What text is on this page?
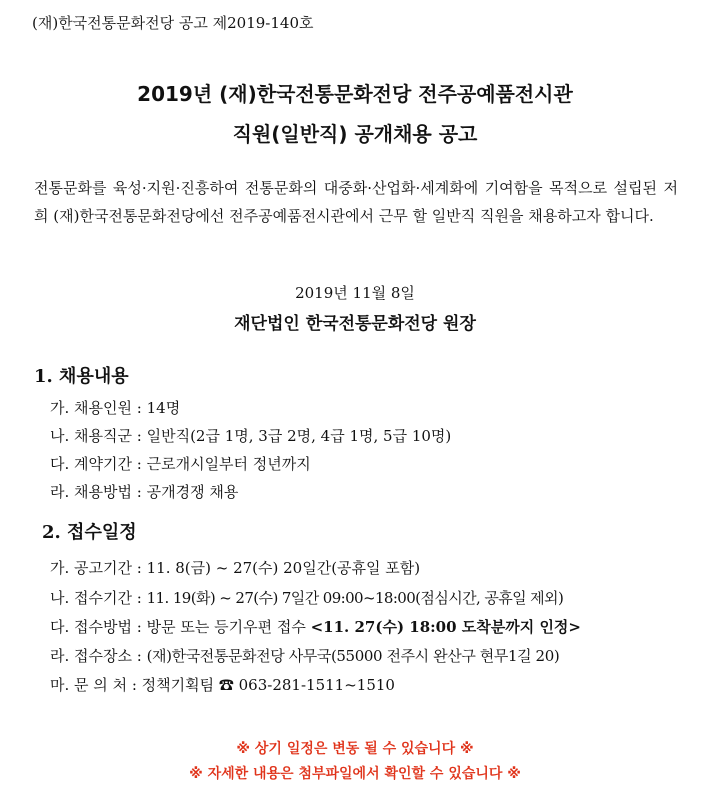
(재)한국전통문화전당 공고 제2019-140호
2019년 (재)한국전통문화전당 전주공예품전시관
직원(일반직) 공개채용 공고
전통문화를 육성·지원·진흥하여 전통문화의 대중화·산업화·세계화에 기여함을 목적으로 설립된 저희 (재)한국전통문화전당에선 전주공예품전시관에서 근무 할 일반직 직원을 채용하고자 합니다.
2019년 11월 8일
재단법인 한국전통문화전당 원장
1. 채용내용
가. 채용인원 : 14명
나. 채용직군 : 일반직(2급 1명, 3급 2명, 4급 1명, 5급 10명)
다. 계약기간 : 근로개시일부터 정년까지
라. 채용방법 : 공개경쟁 채용
2. 접수일정
가. 공고기간 : 11. 8(금) ~ 27(수) 20일간(공휴일 포함)
나. 접수기간 : 11. 19(화) ~ 27(수) 7일간 09:00~18:00(점심시간, 공휴일 제외)
다. 접수방법 : 방문 또는 등기우편 접수 <11. 27(수) 18:00 도착분까지 인정>
라. 접수장소 : (재)한국전통문화전당 사무국(55000 전주시 완산구 현무1길 20)
마. 문 의 처 : 정책기획팀 ☎ 063-281-1511~1510
※ 상기 일정은 변동 될 수 있습니다 ※
※ 자세한 내용은 첨부파일에서 확인할 수 있습니다 ※
